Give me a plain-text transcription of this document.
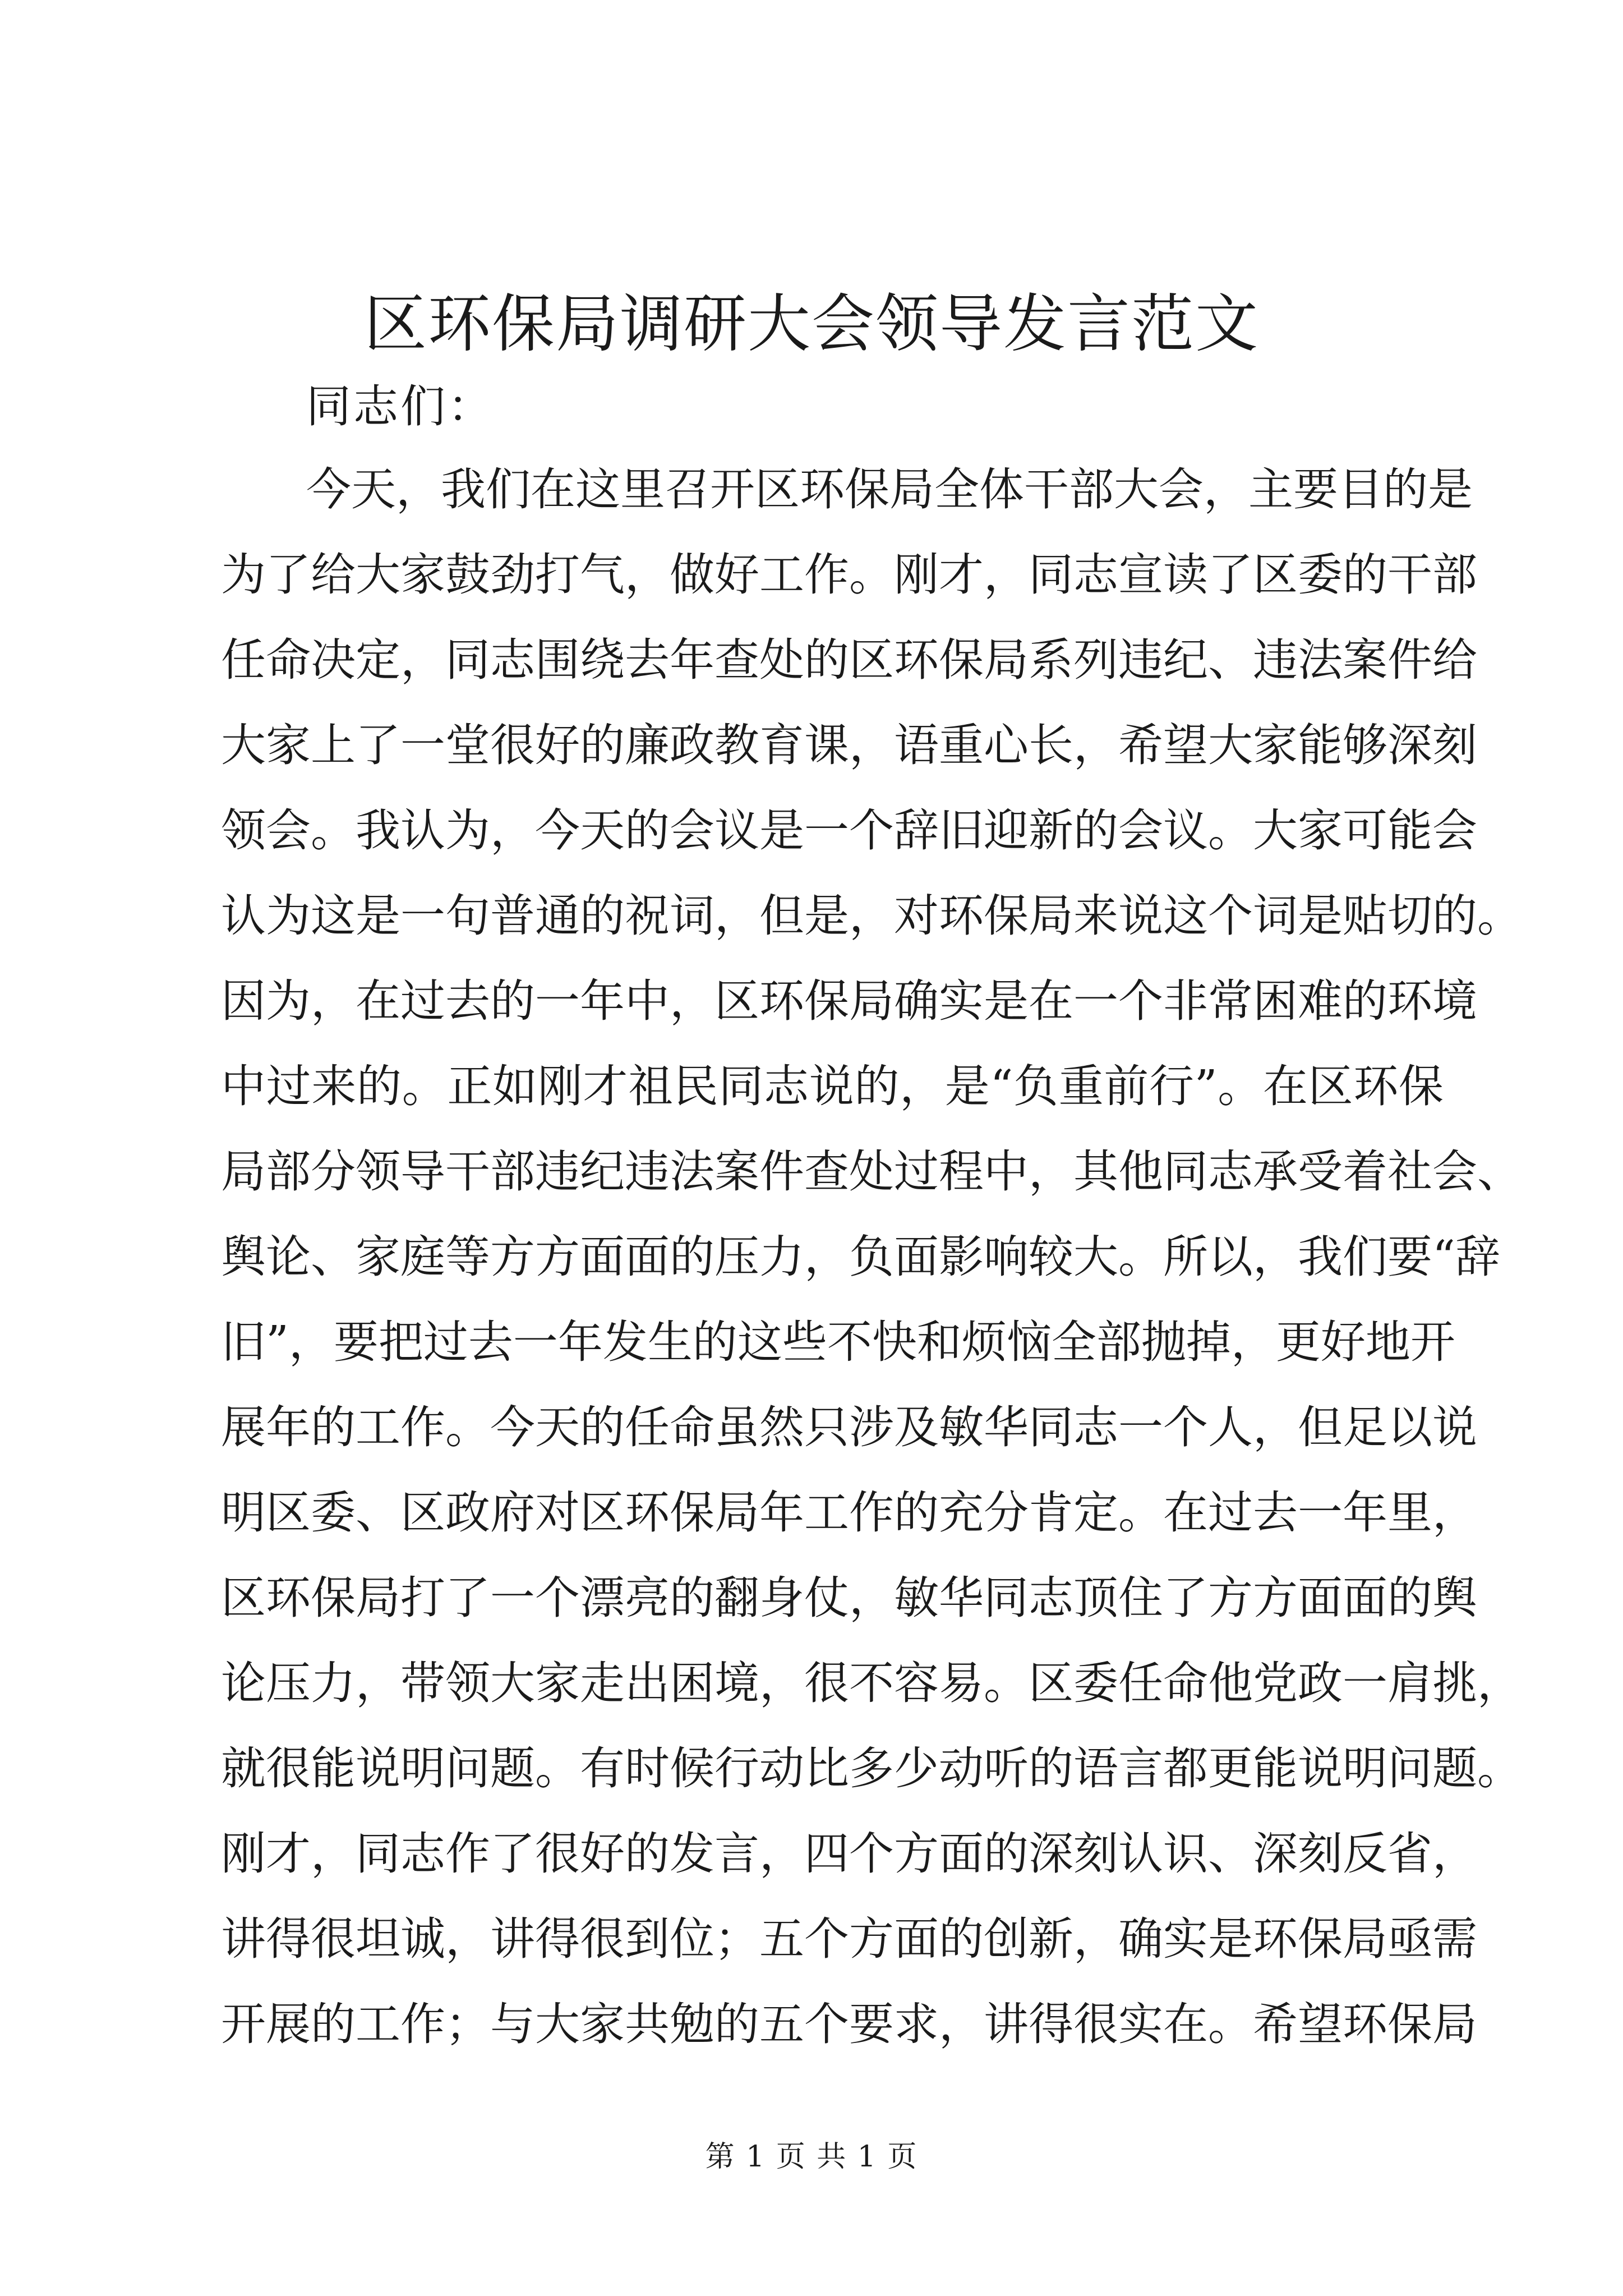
区环保局调研大会领导发言范文
同志们：
今天，我们在这里召开区环保局全体干部大会，主要目的是
为了给大家鼓劲打气，做好工作。刚才，同志宣读了区委的干部
任命决定，同志围绕去年查处的区环保局系列违纪、违法案件给
大家上了一堂很好的廉政教育课，语重心长，希望大家能够深刻
领会。我认为，今天的会议是一个辞旧迎新的会议。大家可能会
认为这是一句普通的祝词，但是，对环保局来说这个词是贴切的。
因为，在过去的一年中，区环保局确实是在一个非常困难的环境
中过来的。正如刚才祖民同志说的，是“负重前行”。在区环保
局部分领导干部违纪违法案件查处过程中，其他同志承受着社会、
舆论、家庭等方方面面的压力，负面影响较大。所以，我们要“辞
旧”，要把过去一年发生的这些不快和烦恼全部抛掉，更好地开
展年的工作。今天的任命虽然只涉及敏华同志一个人，但足以说
明区委、区政府对区环保局年工作的充分肯定。在过去一年里，
区环保局打了一个漂亮的翻身仗，敏华同志顶住了方方面面的舆
论压力，带领大家走出困境，很不容易。区委任命他党政一肩挑，
就很能说明问题。有时候行动比多少动听的语言都更能说明问题。
刚才，同志作了很好的发言，四个方面的深刻认识、深刻反省，
讲得很坦诚，讲得很到位；五个方面的创新，确实是环保局亟需
开展的工作；与大家共勉的五个要求，讲得很实在。希望环保局
第 1 页 共 1 页
